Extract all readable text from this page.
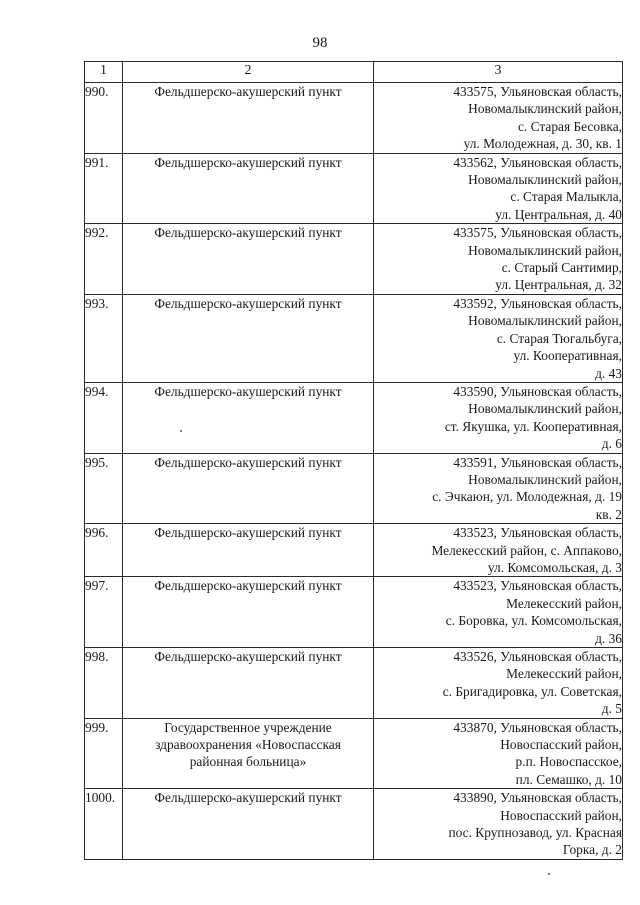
98
1	2	3
990.	Фельдшерско-акушерский пункт	433575, Ульяновская область,
Новомалыклинский район,
с. Старая Бесовка,
ул. Молодежная, д. 30, кв. 1

991.	Фельдшерско-акушерский пункт	433562, Ульяновская область,
Новомалыклинский район,
с. Старая Малыкла,
ул. Центральная, д. 40

992.	Фельдшерско-акушерский пункт	433575, Ульяновская область,
Новомалыклинский район,
с. Старый Сантимир,
ул. Центральная, д. 32

993.	Фельдшерско-акушерский пункт	433592, Ульяновская область,
Новомалыклинский район,
с. Старая Тюгальбуга,
ул. Кооперативная,
д. 43

994.	Фельдшерско-акушерский пункт	433590, Ульяновская область,
Новомалыклинский район,
ст. Якушка, ул. Кооперативная,
д. 6

995.	Фельдшерско-акушерский пункт	433591, Ульяновская область,
Новомалыклинский район,
с. Эчкаюн, ул. Молодежная, д. 19
кв. 2

996.	Фельдшерско-акушерский пункт	433523, Ульяновская область,
Мелекесский район, с. Аппаково,
ул. Комсомольская, д. 3

997.	Фельдшерско-акушерский пункт	433523, Ульяновская область,
Мелекесский район,
с. Боровка, ул. Комсомольская,
д. 36

998.	Фельдшерско-акушерский пункт	433526, Ульяновская область,
Мелекесский район,
с. Бригадировка, ул. Советская,
д. 5

999.	Государственное учреждение
здравоохранения «Новоспасская
районная больница»	433870, Ульяновская область,
Новоспасский район,
р.п. Новоспасское,
пл. Семашко, д. 10

1000.	Фельдшерско-акушерский пункт	433890, Ульяновская область,
Новоспасский район,
пос. Крупнозавод, ул. Красная
Горка, д. 2
